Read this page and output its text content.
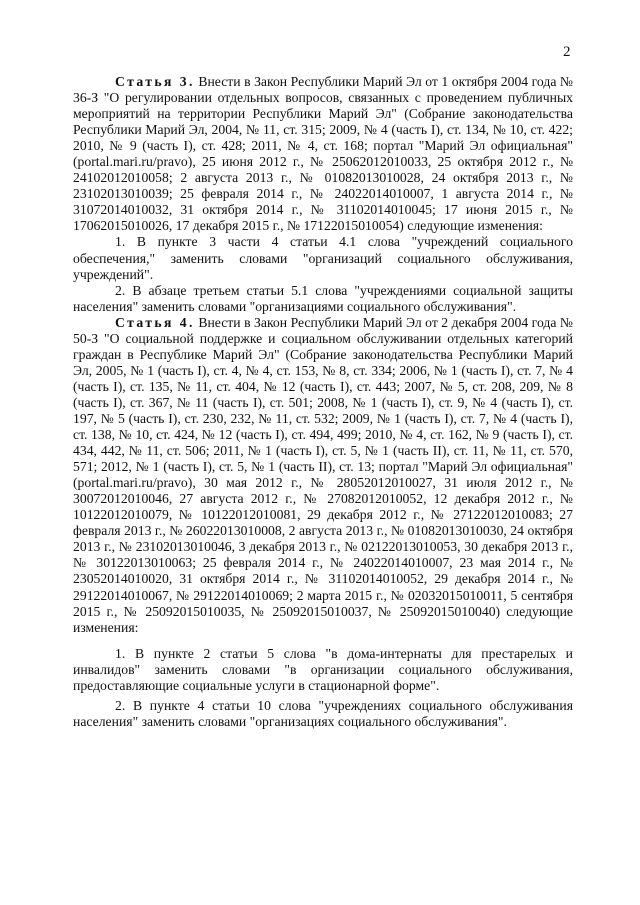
2

Статья 3. Внести в Закон Республики Марий Эл от 1 октября 2004 года № 36-З "О регулировании отдельных вопросов, связанных с проведением публичных мероприятий на территории Республики Марий Эл" (Собрание законодательства Республики Марий Эл, 2004, № 11, ст. 315; 2009, № 4 (часть I), ст. 134, № 10, ст. 422; 2010, № 9 (часть I), ст. 428; 2011, № 4, ст. 168; портал "Марий Эл официальная" (portal.mari.ru/pravo), 25 июня 2012 г., № 25062012010033, 25 октября 2012 г., № 24102012010058; 2 августа 2013 г., № 01082013010028, 24 октября 2013 г., № 23102013010039; 25 февраля 2014 г., № 24022014010007, 1 августа 2014 г., № 31072014010032, 31 октября 2014 г., № 31102014010045; 17 июня 2015 г., № 17062015010026, 17 декабря 2015 г., № 17122015010054) следующие изменения:

1. В пункте 3 части 4 статьи 4.1 слова "учреждений социального обеспечения," заменить словами "организаций социального обслуживания, учреждений".

2. В абзаце третьем статьи 5.1 слова "учреждениями социальной защиты населения" заменить словами "организациями социального обслуживания".

Статья 4. Внести в Закон Республики Марий Эл от 2 декабря 2004 года № 50-З "О социальной поддержке и социальном обслуживании отдельных категорий граждан в Республике Марий Эл" (Собрание законодательства Республики Марий Эл, 2005, № 1 (часть I), ст. 4, № 4, ст. 153, № 8, ст. 334; 2006, № 1 (часть I), ст. 7, № 4 (часть I), ст. 135, № 11, ст. 404, № 12 (часть I), ст. 443; 2007, № 5, ст. 208, 209, № 8 (часть I), ст. 367, № 11 (часть I), ст. 501; 2008, № 1 (часть I), ст. 9, № 4 (часть I), ст. 197, № 5 (часть I), ст. 230, 232, № 11, ст. 532; 2009, № 1 (часть I), ст. 7, № 4 (часть I), ст. 138, № 10, ст. 424, № 12 (часть I), ст. 494, 499; 2010, № 4, ст. 162, № 9 (часть I), ст. 434, 442, № 11, ст. 506; 2011, № 1 (часть I), ст. 5, № 1 (часть II), ст. 11, № 11, ст. 570, 571; 2012, № 1 (часть I), ст. 5, № 1 (часть II), ст. 13; портал "Марий Эл официальная" (portal.mari.ru/pravo), 30 мая 2012 г., № 28052012010027, 31 июля 2012 г., № 30072012010046, 27 августа 2012 г., № 27082012010052, 12 декабря 2012 г., № 10122012010079, № 10122012010081, 29 декабря 2012 г., № 27122012010083; 27 февраля 2013 г., № 26022013010008, 2 августа 2013 г., № 01082013010030, 24 октября 2013 г., № 23102013010046, 3 декабря 2013 г., № 02122013010053, 30 декабря 2013 г., № 30122013010063; 25 февраля 2014 г., № 24022014010007, 23 мая 2014 г., № 23052014010020, 31 октября 2014 г., № 31102014010052, 29 декабря 2014 г., № 29122014010067, № 29122014010069; 2 марта 2015 г., № 02032015010011, 5 сентября 2015 г., № 25092015010035, № 25092015010037, № 25092015010040) следующие изменения:

1. В пункте 2 статьи 5 слова "в дома-интернаты для престарелых и инвалидов" заменить словами "в организации социального обслуживания, предоставляющие социальные услуги в стационарной форме".

2. В пункте 4 статьи 10 слова "учреждениях социального обслуживания населения" заменить словами "организациях социального обслуживания".
